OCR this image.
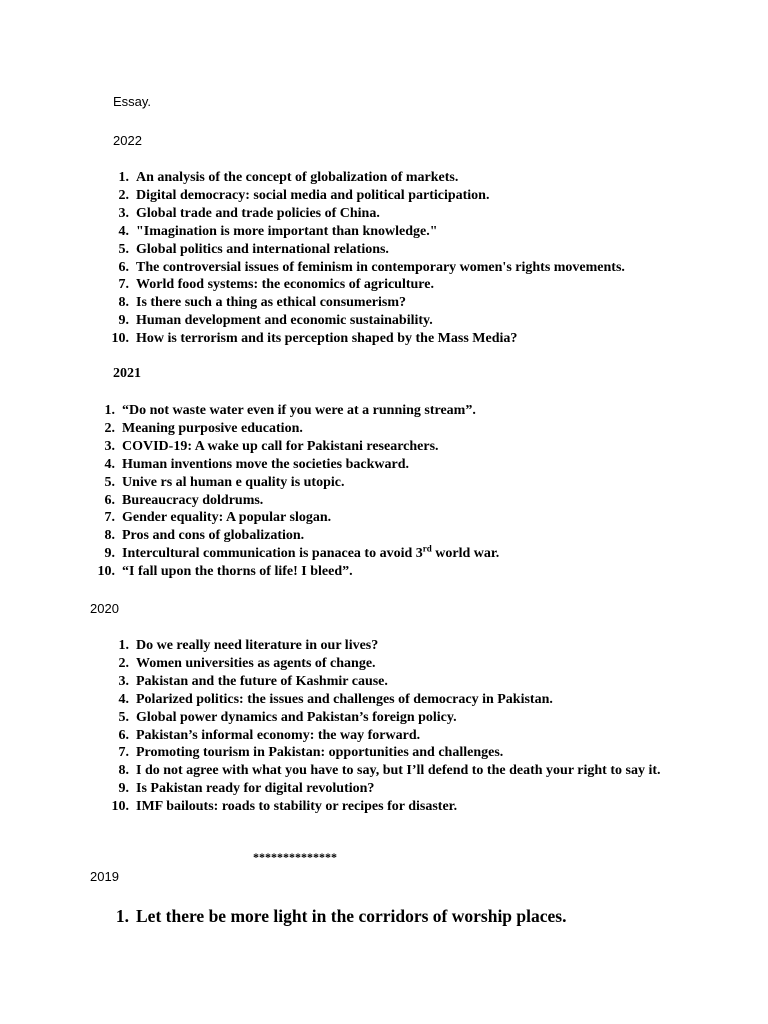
Essay.
2022
1. An analysis of the concept of globalization of markets.
2. Digital democracy: social media and political participation.
3. Global trade and trade policies of China.
4. "Imagination is more important than knowledge."
5. Global politics and international relations.
6. The controversial issues of feminism in contemporary women's rights movements.
7. World food systems: the economics of agriculture.
8. Is there such a thing as ethical consumerism?
9. Human development and economic sustainability.
10. How is terrorism and its perception shaped by the Mass Media?
2021
1. “Do not waste water even if you were at a running stream”.
2. Meaning purposive education.
3. COVID-19: A wake up call for Pakistani researchers.
4. Human inventions move the societies backward.
5. Unive rs al human e quality is utopic.
6. Bureaucracy doldrums.
7. Gender equality: A popular slogan.
8. Pros and cons of globalization.
9. Intercultural communication is panacea to avoid 3rd world war.
10. “I fall upon the thorns of life! I bleed”.
2020
1. Do we really need literature in our lives?
2. Women universities as agents of change.
3. Pakistan and the future of Kashmir cause.
4. Polarized politics: the issues and challenges of democracy in Pakistan.
5. Global power dynamics and Pakistan’s foreign policy.
6. Pakistan’s informal economy: the way forward.
7. Promoting tourism in Pakistan: opportunities and challenges.
8. I do not agree with what you have to say, but I’ll defend to the death your right to say it.
9. Is Pakistan ready for digital revolution?
10. IMF bailouts: roads to stability or recipes for disaster.
**************
2019
1. Let there be more light in the corridors of worship places.
